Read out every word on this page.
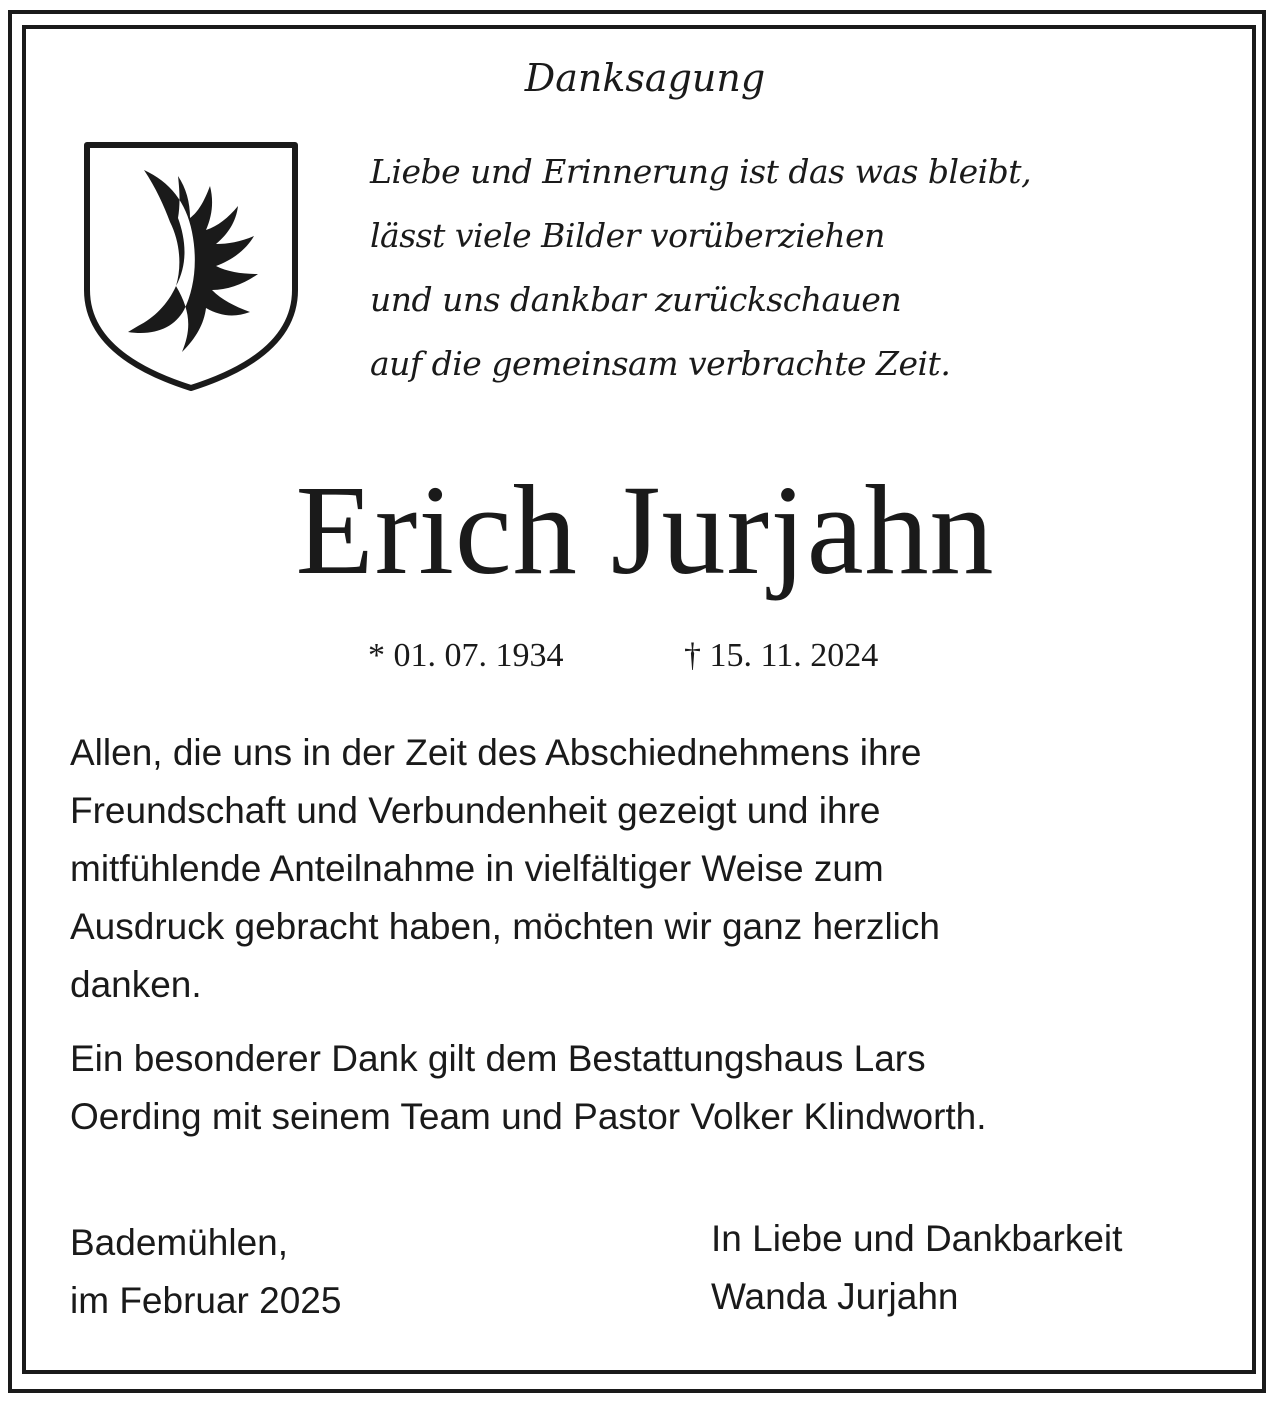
Danksagung
Liebe und Erinnerung ist das was bleibt,
lässt viele Bilder vorüberziehen
und uns dankbar zurückschauen
auf die gemeinsam verbrachte Zeit.
Erich Jurjahn
* 01. 07. 1934	† 15. 11. 2024
Allen, die uns in der Zeit des Abschiednehmens ihre
Freundschaft und Verbundenheit gezeigt und ihre
mitfühlende Anteilnahme in vielfältiger Weise zum
Ausdruck gebracht haben, möchten wir ganz herzlich
danken.
Ein besonderer Dank gilt dem Bestattungshaus Lars
Oerding mit seinem Team und Pastor Volker Klindworth.
Bademühlen,
im Februar 2025
In Liebe und Dankbarkeit
Wanda Jurjahn
